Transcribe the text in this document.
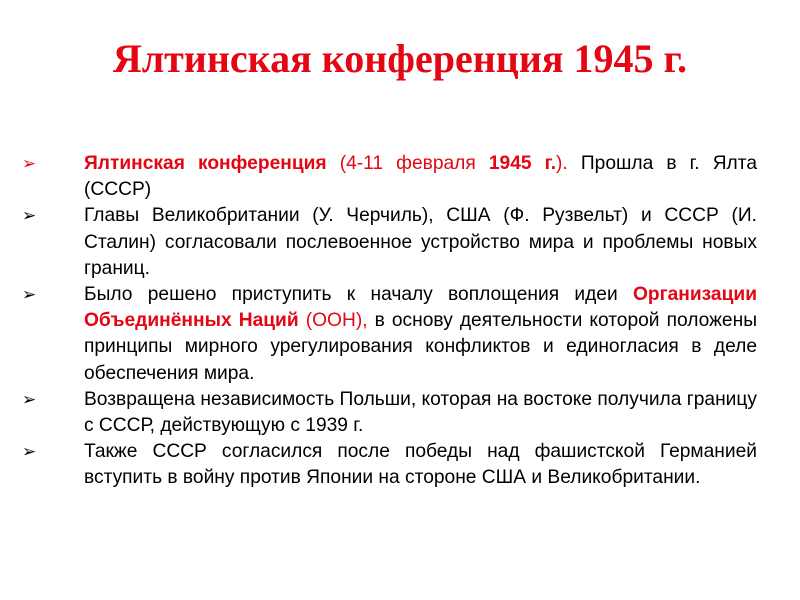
Ялтинская конференция 1945 г.
➢	Ялтинская конференция (4-11 февраля 1945 г.). Прошла в г. Ялта (СССР)
➢	Главы Великобритании (У. Черчиль), США (Ф. Рузвельт) и СССР (И. Сталин) согласовали послевоенное устройство мира и проблемы новых границ.
➢	Было решено приступить к началу воплощения идеи Организации Объединённых Наций (ООН), в основу деятельности которой положены принципы мирного урегулирования конфликтов и единогласия в деле обеспечения мира.
➢	Возвращена независимость Польши, которая на востоке получила границу с СССР, действующую с 1939 г.
➢	Также СССР согласился после победы над фашистской Германией вступить в войну против Японии на стороне США и Великобритании.
